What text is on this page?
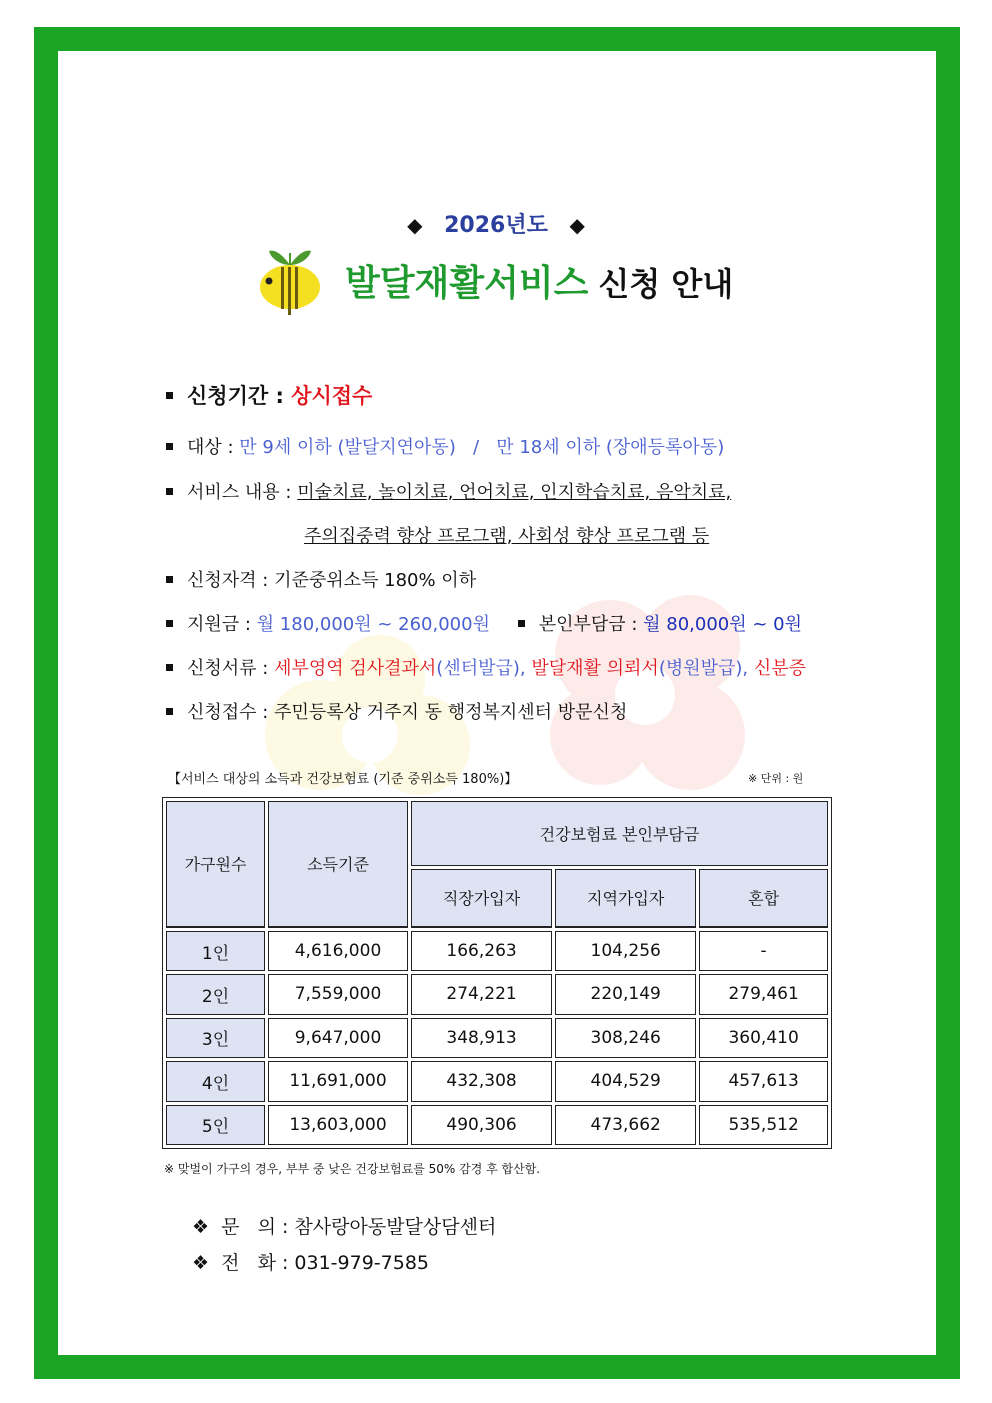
◆ 2026년도 ◆
발달재활서비스 신청 안내
신청기간 : 상시접수
대상 : 만 9세 이하 (발달지연아동)   /   만 18세 이하 (장애등록아동)
서비스 내용 : 미술치료, 놀이치료, 언어치료, 인지학습치료, 음악치료,
주의집중력 향상 프로그램, 사회성 향상 프로그램 등
신청자격 : 기준중위소득 180% 이하
지원금 : 월 180,000원 ~ 260,000원	본인부담금 : 월 80,000원 ~ 0원
신청서류 : 세부영역 검사결과서(센터발급), 발달재활 의뢰서(병원발급), 신분증
신청접수 : 주민등록상 거주지 동 행정복지센터 방문신청
【서비스 대상의 소득과 건강보험료 (기준 중위소득 180%)】	※ 단위 : 원
가구원수	소득기준	건강보험료 본인부담금		
		직장가입자	지역가입자	혼합
1인	4,616,000	166,263	104,256	-
2인	7,559,000	274,221	220,149	279,461
3인	9,647,000	348,913	308,246	360,410
4인	11,691,000	432,308	404,529	457,613
5인	13,603,000	490,306	473,662	535,512
※ 맞벌이 가구의 경우, 부부 중 낮은 건강보험료를 50% 감경 후 합산함.
❖ 문   의 : 참사랑아동발달상담센터
❖ 전   화 : 031-979-7585
